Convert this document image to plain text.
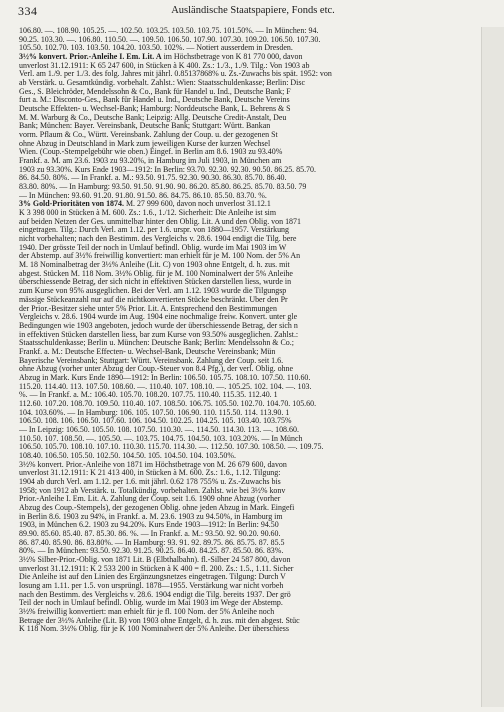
334	Ausländische Staatspapiere, Fonds etc.
106.80. —. 108.90. 105.25. —. 102.50. 103.25. 103.50. 103.75. 101.50%. — In München: 94.
90.25. 103.30. —. 106.80. 110.50. —. 109.50. 106.50. 107.90. 107.30. 109.20. 106.50. 107.30.
105.50. 102.70. 103. 103.50. 104.20. 103.50. 102%. — Notiert ausserdem in Dresden.
3½% konvert. Prior.-Anleihe I. Em. Lit. A im Höchstbetrage von K 81 770 000, davon
unverlost 31.12.1911: K 65 247 600, in Stücken à K 400. Zs.: 1./3., 1./9. Tilg.: Von 1903 ab
Verl. am 1./9. per 1./3. des folg. Jahres mit jährl. 0.85137868% u. Zs.-Zuwachs bis spät. 1952: von
ab Verstärk. u. Gesamtkündig. vorbehalt. Zahlst.: Wien: Staatsschuldenkasse; Berlin: Disc
Ges., S. Bleichröder, Mendelssohn & Co., Bank für Handel u. Ind., Deutsche Bank; F
furt a. M.: Disconto-Ges., Bank für Handel u. Ind., Deutsche Bank, Deutsche Vereins
Deutsche Effekten- u. Wechsel-Bank; Hamburg: Norddeutsche Bank, L. Behrens & S
M. M. Warburg & Co., Deutsche Bank; Leipzig: Allg. Deutsche Credit-Anstalt, Deu
Bank; München: Bayer. Vereinsbank, Deutsche Bank; Stuttgart: Württ. Bankan
vorm. Pflaum & Co., Württ. Vereinsbank. Zahlung der Coup. u. der gezogenen St
ohne Abzug in Deutschland in Mark zum jeweiligen Kurse der kurzen Wechsel
Wien. (Coup.-Stempelgebühr wie oben.) Eingef. in Berlin am 8.6. 1903 zu 93.40%
Frankf. a. M. am 23.6. 1903 zu 93.20%, in Hamburg im Juli 1903, in München am
1903 zu 93.30%. Kurs Ende 1903—1912: In Berlin: 93.70. 92.30. 92.30. 90.50. 86.25. 85.70.
86. 84.50. 80%. — In Frankf. a. M.: 93.50. 91.75. 92.30. 90.30. 86.30. 85.70. 86.40.
83.80. 80%. — In Hamburg: 93.50. 91.50. 91.90. 90. 86.20. 85.80. 86.25. 85.70. 83.50. 79
— In München: 93.60. 91.20. 91.80. 91.50. 86. 84.75. 86.10. 85.50. 83.70. %.
3% Gold-Prioritäten von 1874. M. 27 999 600, davon noch unverlost 31.12.1
K 3 398 000 in Stücken à M. 600. Zs.: 1.6., 1./12. Sicherheit: Die Anleihe ist sim
auf beiden Netzen der Ges. unmittelbar hinter den Oblig. Lit. A und den Oblig. von 1871
eingetragen. Tilg.: Durch Verl. am 1.12. per 1.6. urspr. von 1880—1957. Verstärkung
nicht vorbehalten; nach den Bestimm. des Vergleichs v. 28.6. 1904 endigt die Tilg. bere
1940. Der grösste Teil der noch in Umlauf befindl. Oblig. wurde im Mai 1903 im W
der Abstemp. auf 3½% freiwillig konvertiert: man erhielt für je M. 100 Nom. der 5% An
M. 18 Nominalbetrag der 3½% Anleihe (Lit. C) von 1903 ohne Entgelt, d. h. zus. mit
abgest. Stücken M. 118 Nom. 3½% Oblig. für je M. 100 Nominalwert der 5% Anleihe
überschiessende Betrag, der sich nicht in effektiven Stücken darstellen liess, wurde in
zum Kurse von 95% ausgeglichen. Bei der Verl. am 1.12. 1903 wurde die Tilgungsp
mässige Stückeanzahl nur auf die nichtkonvertierten Stücke beschränkt. Über den Pr
der Prior.-Besitzer siehe unter 5% Prior. Lit. A. Entsprechend den Bestimmungen
Vergleichs v. 28.6. 1904 wurde im Aug. 1904 eine nochmalige freiw. Konvert. unter gle
Bedingungen wie 1903 angeboten, jedoch wurde der überschiessende Betrag, der sich n
in effektiven Stücken darstellen liess, bar zum Kurse von 93.50% ausgeglichen. Zahlst.:
Staatsschuldenkasse; Berlin u. München: Deutsche Bank; Berlin: Mendelssohn & Co.;
Frankf. a. M.: Deutsche Effecten- u. Wechsel-Bank, Deutsche Vereinsbank; Mün
Bayerische Vereinsbank; Stuttgart: Württ. Vereinsbank. Zahlung der Coup. seit 1.6.
ohne Abzug (vorher unter Abzug der Coup.-Steuer von 8.4 Pfg.), der verl. Oblig. ohne
Abzug in Mark. Kurs Ende 1890—1912: In Berlin: 106.50. 105.75. 108.10. 107.50. 110.60.
115.20. 114.40. 113. 107.50. 108.60. —. 110.40. 107. 108.10. —. 105.25. 102. 104. —. 103.
%. — In Frankf. a. M.: 106.40. 105.70. 108.20. 107.75. 110.40. 115.35. 112.40. 1
112.60. 107.20. 108.70. 109.50. 110.40. 107. 108.50. 106.75. 105.50. 102.70. 104.70. 105.60.
104. 103.60%. — In Hamburg: 106. 105. 107.50. 106.90. 110. 115.50. 114. 113.90. 1
106.50. 108. 106. 106.50. 107.60. 106. 104.50. 102.25. 104.25. 105. 103.40. 103.75%
— In Leipzig: 106.50. 105.50. 108. 107.50. 110.30. —. 114.50. 114.30. 113. —. 108.60.
110.50. 107. 108.50. —. 105.50. —. 103.75. 104.75. 104.50. 103. 103.20%. — In Münch
106.50. 105.70. 108.10. 107.10. 110.30. 115.70. 114.30. —. 112.50. 107.30. 108.50. —. 109.75.
108.40. 106.50. 105.50. 102.50. 104.50. 105. 104.50. 104. 103.50%.
3½% konvert. Prior.-Anleihe von 1871 im Höchstbetrage von M. 26 679 600, davon
unverlost 31.12.1911: K 21 413 400, in Stücken à M. 600. Zs.: 1.6., 1.12. Tilgung:
1904 ab durch Verl. am 1.12. per 1.6. mit jährl. 0.62 178 755% u. Zs.-Zuwachs bis
1958; von 1912 ab Verstärk. u. Totalkündig. vorbehalten. Zahlst. wie bei 3½% konv
Prior.-Anleihe I. Em. Lit. A. Zahlung der Coup. seit 1.6. 1909 ohne Abzug (vorher
Abzug des Coup.-Stempels), der gezogenen Oblig. ohne jeden Abzug in Mark. Eingefi
in Berlin 8.6. 1903 zu 94%, in Frankf. a. M. 23.6. 1903 zu 94.50%, in Hamburg im
1903, in München 6.2. 1903 zu 94.20%. Kurs Ende 1903—1912: In Berlin: 94.50
89.90. 85.60. 85.40. 87. 85.30. 86. %. — In Frankf. a. M.: 93.50. 92. 90.20. 90.60.
86. 87.40. 85.90. 86. 83.80%. — In Hamburg: 93. 91. 92. 89.75. 86. 85.75. 87. 85.5
80%. — In München: 93.50. 92.30. 91.25. 90.25. 86.40. 84.25. 87. 85.50. 86. 83%.
3½% Silber-Prior.-Oblig. von 1871 Lit. B (Elbthalbahn). fl.-Silber 24 587 800, davon
unverlost 31.12.1911: K 2 533 200 in Stücken à K 400 = fl. 200. Zs.: 1.5., 1.11. Sicher
Die Anleihe ist auf den Linien des Ergänzungsnetzes eingetragen. Tilgung: Durch V
losung am 1.11. per 1.5. von ursprüngl. 1878—1955. Verstärkung war nicht vorbeh
nach den Bestimm. des Vergleichs v. 28.6. 1904 endigt die Tilg. bereits 1937. Der grö
Teil der noch in Umlauf befindl. Oblig. wurde im Mai 1903 im Wege der Abstemp.
3½% freiwillig konvertiert: man erhielt für je fl. 100 Nom. der 5% Anleihe noch
Betrage der 3½% Anleihe (Lit. B) von 1903 ohne Entgelt, d. h. zus. mit den abgest. Stüc
K 118 Nom. 3½% Oblig. für je K 100 Nominalwert der 5% Anleihe. Der überschiess
